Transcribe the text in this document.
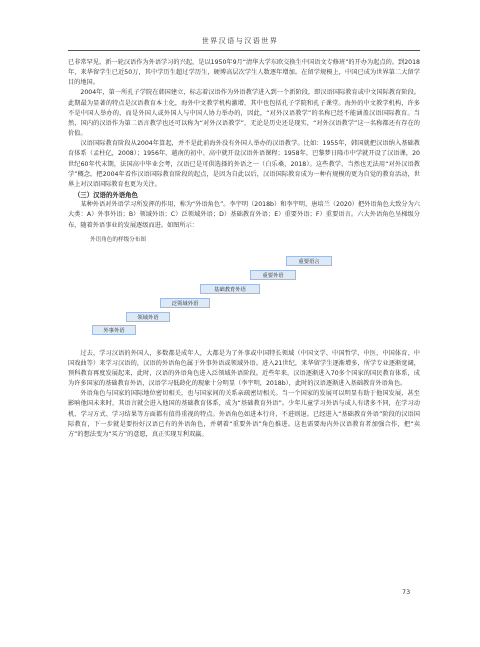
世界汉语与汉语世界

已非常罕见。新一轮汉语作为外语学习的兴起，是以1950年9月“清华大学东欧交换生中国语文专修班”的开办为起点的。到2018年，来华留学生已近50万，其中学历生超过学历生，硬博高层次学生人数逐年增加。在留学规模上，中国已成为世界第二大留学目的地国。

2004年，第一所孔子学院在韩国建立，标志着汉语作为外语教学进入到一个新阶段，即汉语国际教育或中文国际教育阶段。此期最为显著的特点是汉语教育本土化，海外中文教学机构激增，其中也包括孔子学院和孔子课堂。海外的中文教学机构，许多不是中国人举办的，而是外国人或外国人与中国人协力举办的，因此，“对外汉语教学”的名称已经不能涵盖汉语国际教育。当然，国内的汉语作为第二语言教学也还可以称为“对外汉语教学”，无论是历史还是现实，“对外汉语教学”这一名称都还有存在的价值。

汉语国际教育阶段从2004年算起，并不是此前海外没有外国人举办的汉语教学。比如：1955年，韩国就把汉语纳入基础教育体系（孟柱亿，2008）；1956年，越南的初中、高中就开设汉语外语课程；1958年，巴黎梦日隆市中学就开设了汉语课，20世纪60年代末期，法国高中毕业会考，汉语已是可供选择的外语之一（白乐桑，2018）。这些教学，当然也无法用“对外汉语教学”概念。把2004年看作汉语国际教育阶段的起点，是因为自此以后，汉语国际教育成为一种有规模的更为自觉的教育活动，世界上对汉语国际教育也更为关注。

（三）汉语的外语角色

某种外语对外语学习所发挥的作用，称为“外语角色”。李宇明（2018b）和李宇明、唐培兰（2020）把外语角色大致分为六大类：A）外事外语；B）领域外语；C）泛领域外语；D）基础教育外语；E）重要外语；F）重要语言。六大外语角色呈梯级分布，随着外语事业的发展逐级而进。如图所示：

外语角色的样级分布图
外事外语
领域外语
泛领域外语
基础教育外语
重要外语
重要语言

过去，学习汉语的外国人，多数都是成年人，大都是为了外事或中国特长领域（中国文学、中国哲学、中医、中国体育、中国戏曲等）来学习汉语的，汉语的外语角色属于外事外语或领域外语。进入21世纪，来华留学生逐渐增多，所学专业逐渐宽阔，预科教育再度发展起来，此时，汉语的外语角色进入泛领域外语阶段。近些年来，汉语逐渐进入70多个国家的国民教育体系，成为许多国家的基础教育外语，汉语学习低龄化的现象十分明显（李宇明，2018b），此时的汉语逐渐进入基础教育外语角色。

外语角色与国家的国际地位密切相关，也与国家间的关系亲疏密切相关。当一个国家的发展可以明显有助于他国发展，甚至影响他国未来时，其语言就会进入他国的基础教育体系，成为“基础教育外语”。少年儿童学习外语与成人有诸多不同，在学习动机、学习方式、学习结果等方面都有值得重视的特点。外语角色如进本行舟，不进则退。已经进入“基础教育外语”阶段的汉语国际教育，下一步就是要扮好汉语已有的外语角色，并朝着“重要外语”角色推进。这也需要海内外汉语教育者加强合作，把“卖方”的想法变为“买方”的意愿，真正实现互利双赢。

73
